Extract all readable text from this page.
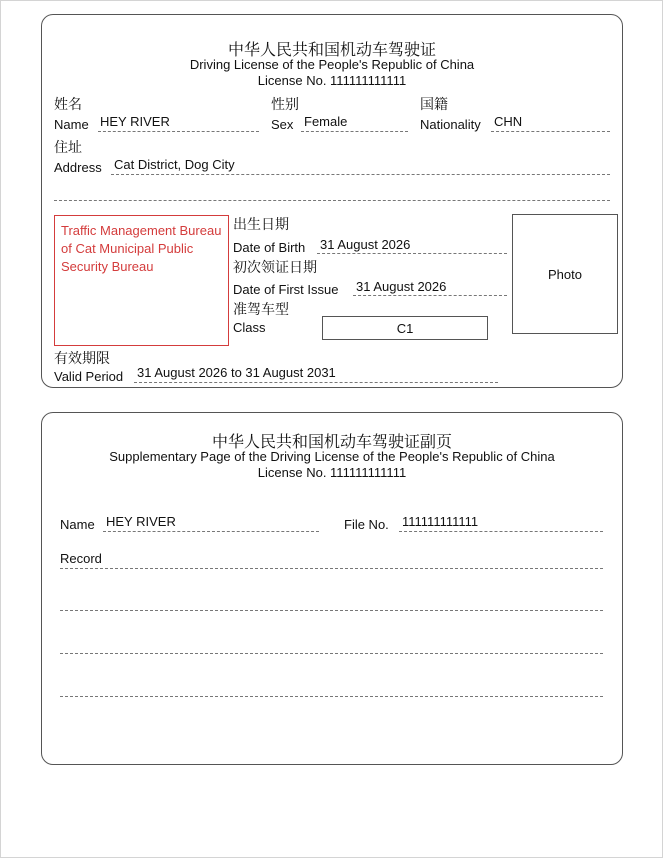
中华人民共和国机动车驾驶证
Driving License of the People's Republic of China
License No. 111111111111
姓名
Name HEY RIVER
性别
Sex Female
国籍
Nationality CHN
住址
Address Cat District, Dog City
Traffic Management Bureau of Cat Municipal Public Security Bureau
出生日期
Date of Birth 31 August 2026
初次领证日期
Date of First Issue 31 August 2026
准驾车型
Class	C1
Photo
有效期限
Valid Period 31 August 2026 to 31 August 2031
中华人民共和国机动车驾驶证副页
Supplementary Page of the Driving License of the People's Republic of China
License No. 111111111111
Name HEY RIVER	File No. 111111111111
Record
